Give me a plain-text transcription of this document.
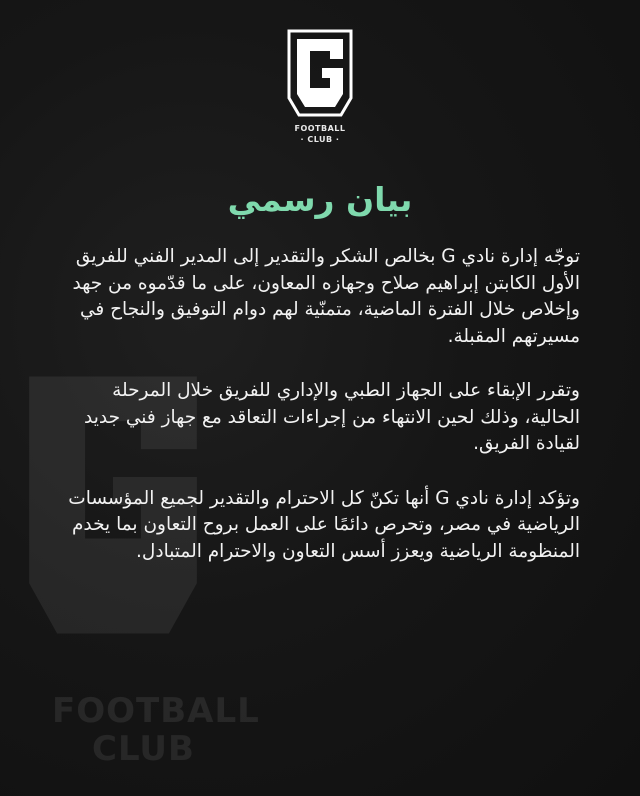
FOOTBALL
CLUB
FOOTBALL
· CLUB ·
بيان رسمي

توجّه إدارة نادي G بخالص الشكر والتقدير إلى المدير الفني للفريق الأول الكابتن إبراهيم صلاح وجهازه المعاون، على ما قدّموه من جهد وإخلاص خلال الفترة الماضية، متمنّية لهم دوام التوفيق والنجاح في مسيرتهم المقبلة.

وتقرر الإبقاء على الجهاز الطبي والإداري للفريق خلال المرحلة الحالية، وذلك لحين الانتهاء من إجراءات التعاقد مع جهاز فني جديد لقيادة الفريق.

وتؤكد إدارة نادي G أنها تكنّ كل الاحترام والتقدير لجميع المؤسسات الرياضية في مصر، وتحرص دائمًا على العمل بروح التعاون بما يخدم المنظومة الرياضية ويعزز أسس التعاون والاحترام المتبادل.
